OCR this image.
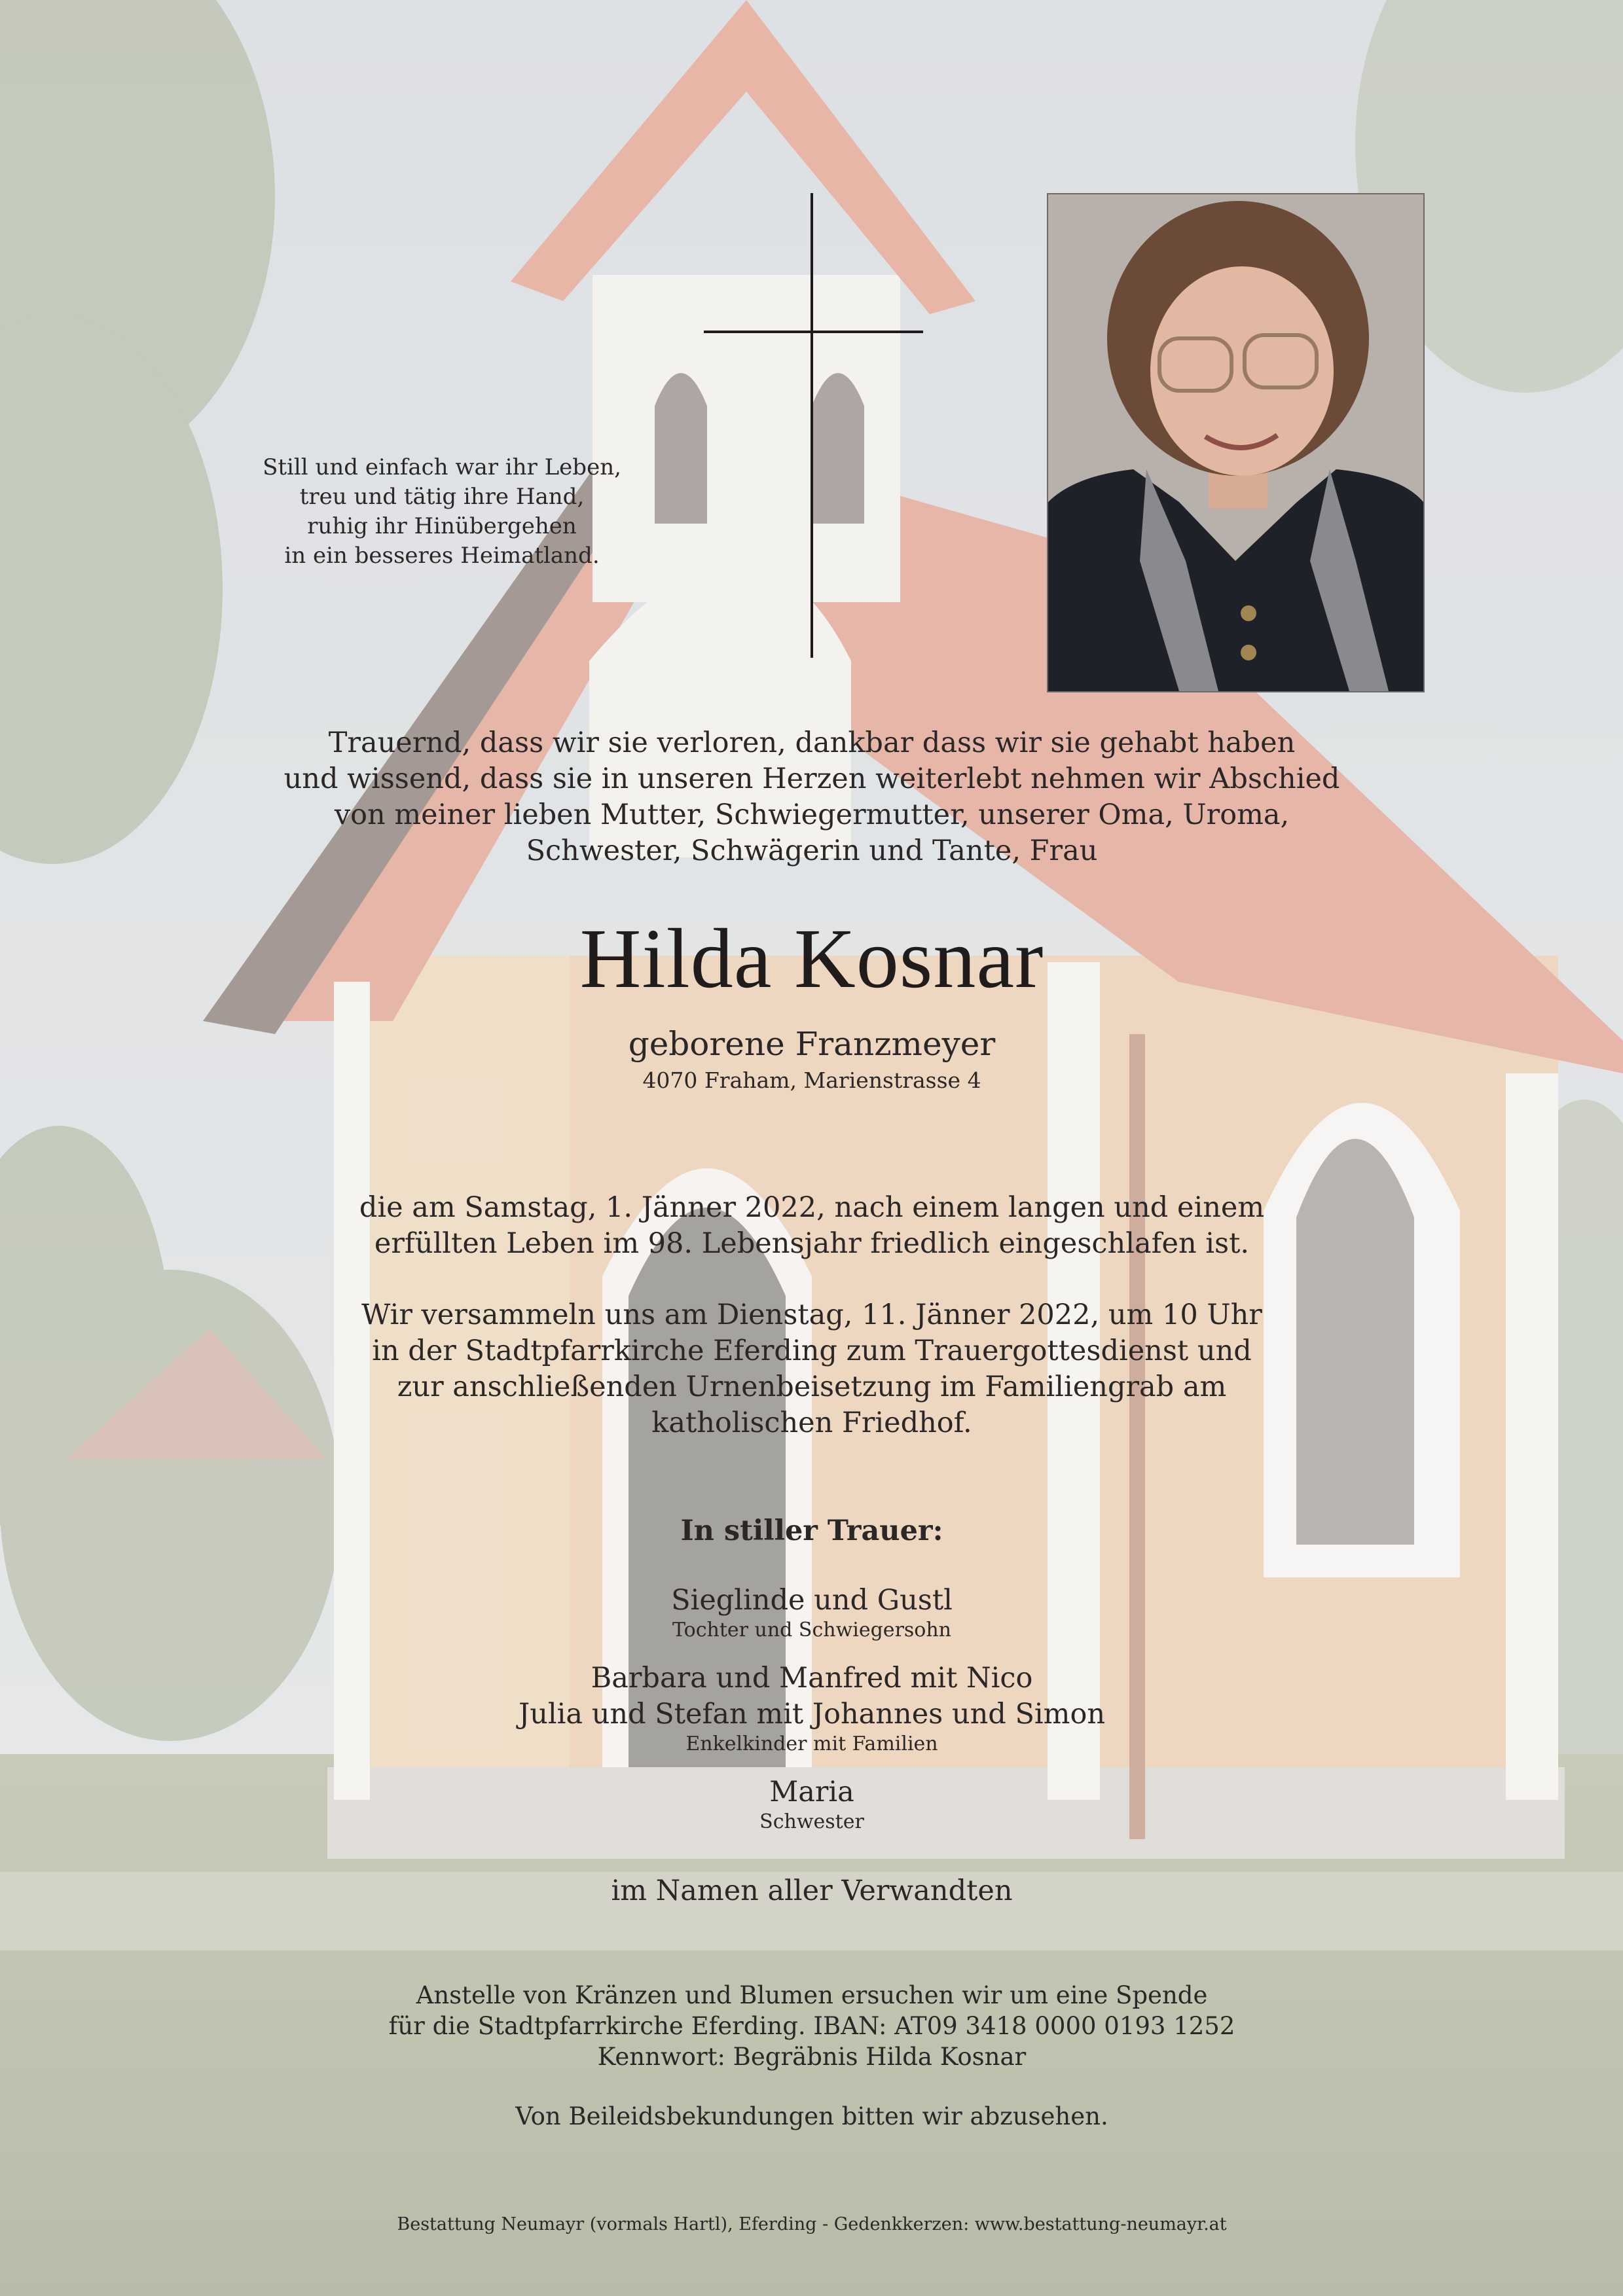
Still und einfach war ihr Leben,
treu und tätig ihre Hand,
ruhig ihr Hinübergehen
in ein besseres Heimatland.
Trauernd, dass wir sie verloren, dankbar dass wir sie gehabt haben
und wissend, dass sie in unseren Herzen weiterlebt nehmen wir Abschied
von meiner lieben Mutter, Schwiegermutter, unserer Oma, Uroma,
Schwester, Schwägerin und Tante, Frau
Hilda Kosnar
geborene Franzmeyer
4070 Fraham, Marienstrasse 4
die am Samstag, 1. Jänner 2022, nach einem langen und einem
erfüllten Leben im 98. Lebensjahr friedlich eingeschlafen ist.
Wir versammeln uns am Dienstag, 11. Jänner 2022, um 10 Uhr
in der Stadtpfarrkirche Eferding zum Trauergottesdienst und
zur anschließenden Urnenbeisetzung im Familiengrab am
katholischen Friedhof.
In stiller Trauer:
Sieglinde und Gustl
Tochter und Schwiegersohn
Barbara und Manfred mit Nico
Julia und Stefan mit Johannes und Simon
Enkelkinder mit Familien
Maria
Schwester
im Namen aller Verwandten
Anstelle von Kränzen und Blumen ersuchen wir um eine Spende
für die Stadtpfarrkirche Eferding. IBAN: AT09 3418 0000 0193 1252
Kennwort: Begräbnis Hilda Kosnar
Von Beileidsbekundungen bitten wir abzusehen.
Bestattung Neumayr (vormals Hartl), Eferding - Gedenkkerzen: www.bestattung-neumayr.at
